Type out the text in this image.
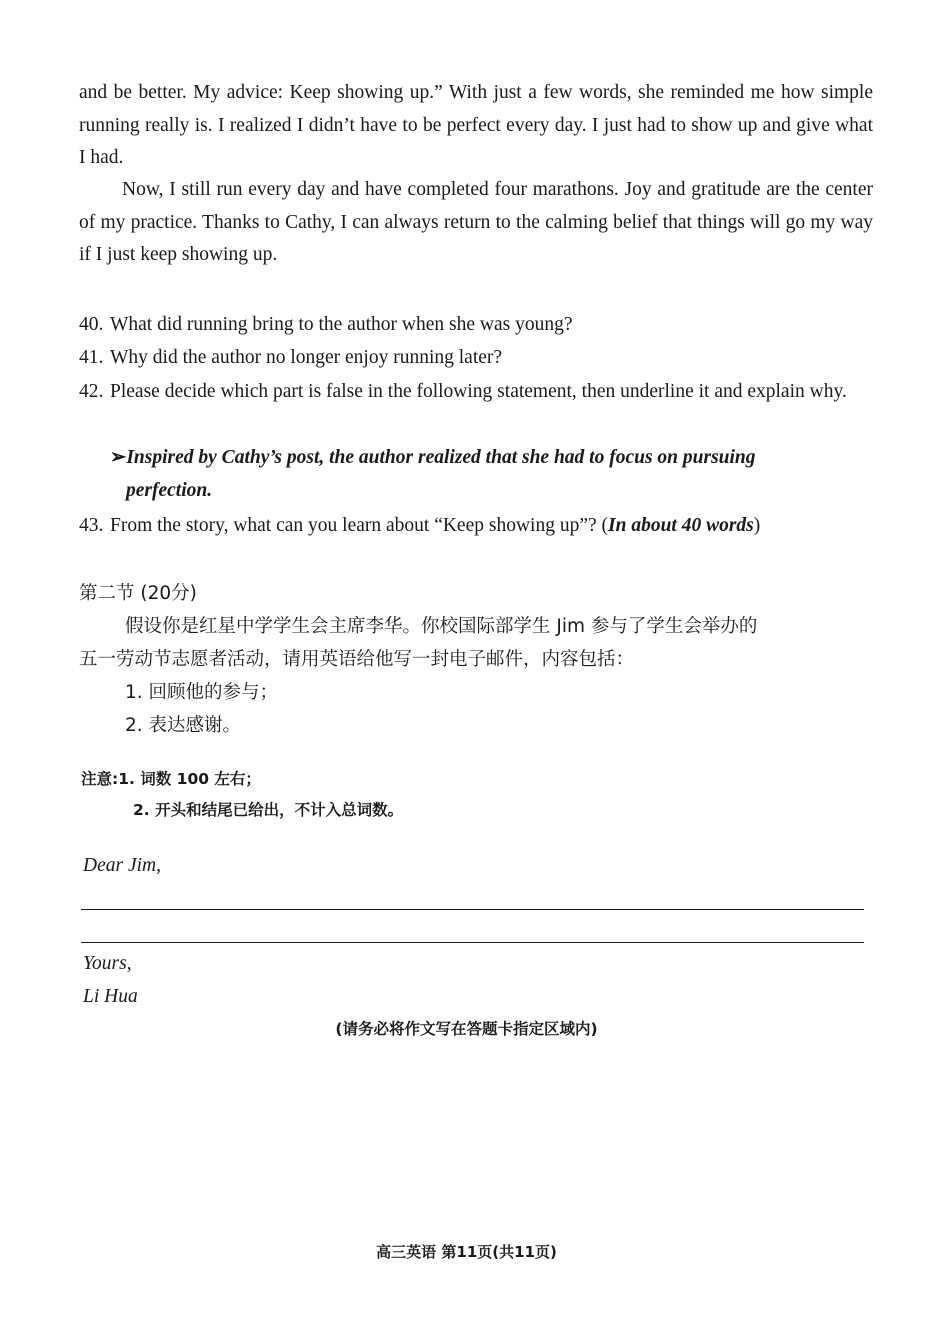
and be better. My advice: Keep showing up.” With just a few words, she reminded me how simple running really is. I realized I didn’t have to be perfect every day. I just had to show up and give what I had.

Now, I still run every day and have completed four marathons. Joy and gratitude are the center of my practice. Thanks to Cathy, I can always return to the calming belief that things will go my way if I just keep showing up.

40. What did running bring to the author when she was young?

41. Why did the author no longer enjoy running later?

42. Please decide which part is false in the following statement, then underline it and explain why.

➢Inspired by Cathy’s post, the author realized that she had to focus on pursuing
perfection.

43. From the story, what can you learn about “Keep showing up”? (In about 40 words)

第二节 (20分)

假设你是红星中学学生会主席李华。你校国际部学生 Jim 参与了学生会举办的

五一劳动节志愿者活动，请用英语给他写一封电子邮件，内容包括：

1. 回顾他的参与；

2. 表达感谢。

注意:1. 词数 100 左右；

2. 开头和结尾已给出，不计入总词数。

Dear Jim,

Yours,

Li Hua

(请务必将作文写在答题卡指定区域内)

高三英语 第11页(共11页)
